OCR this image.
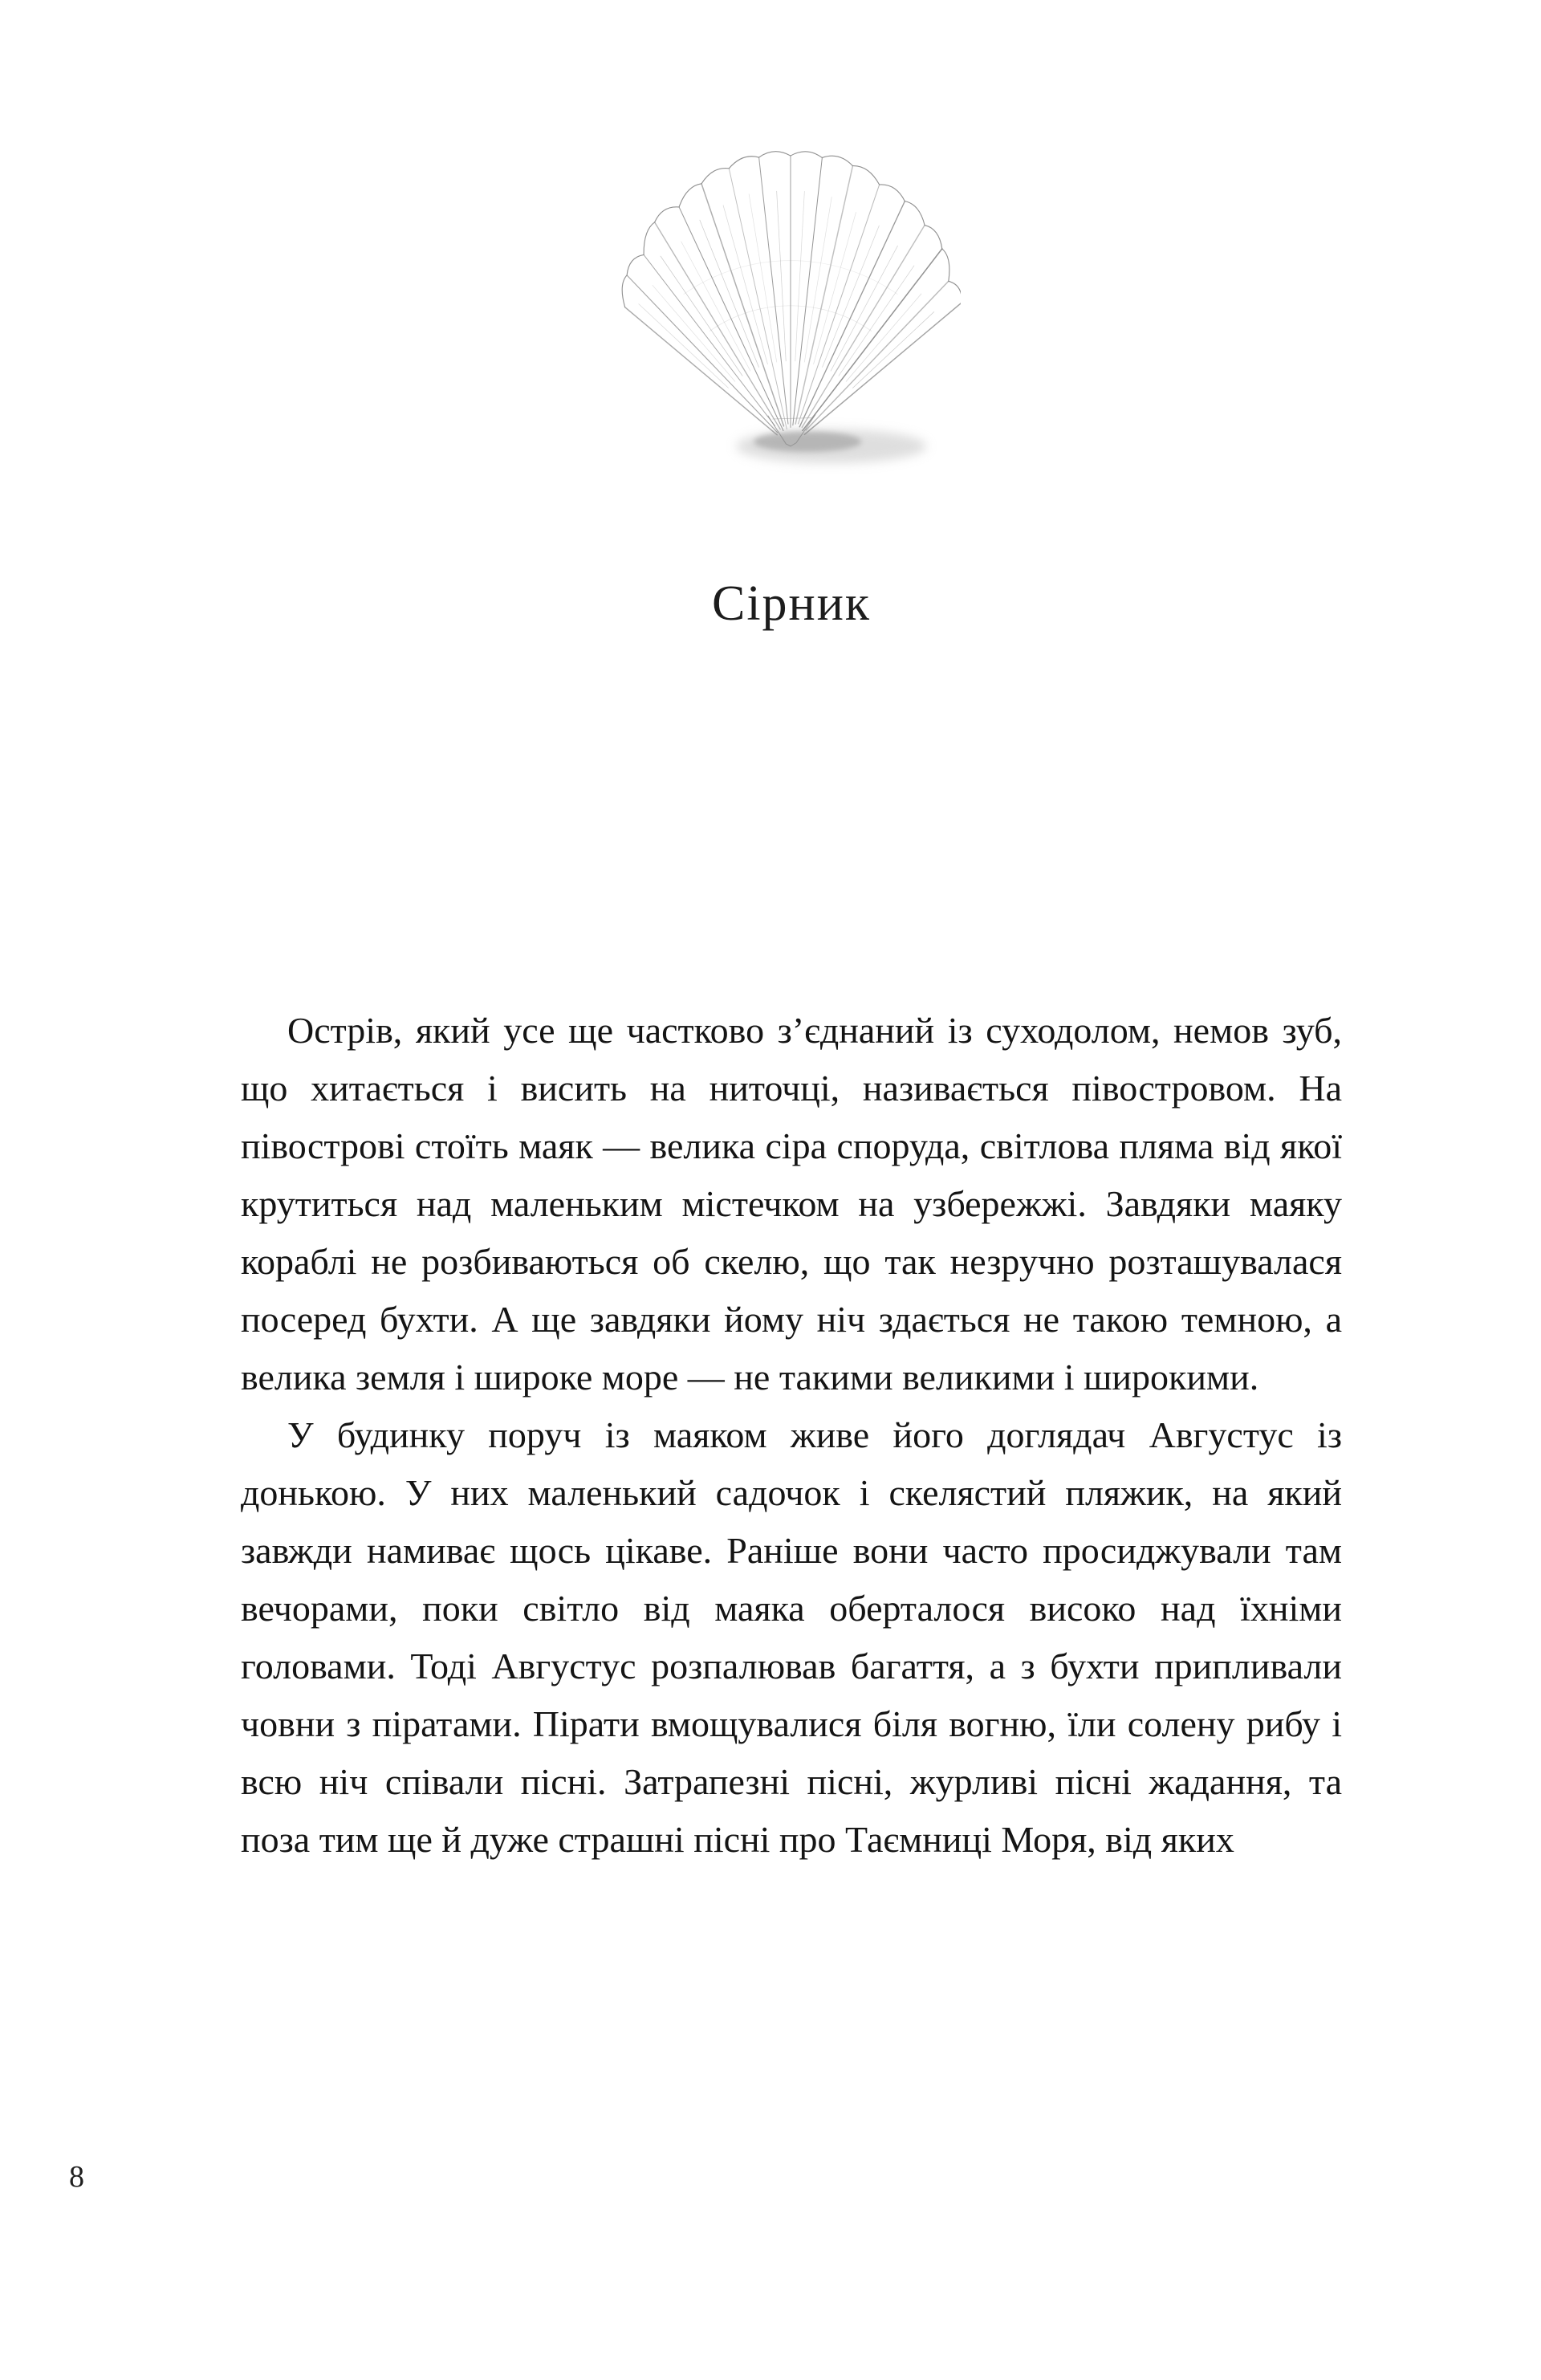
Сірник

Острів, який усе ще частково з’єднаний із суходолом, немов зуб, що хитається і висить на ниточці, називається півостровом. На півострові стоїть маяк — велика сіра споруда, світлова пляма від якої крутиться над маленьким містечком на узбережжі. Завдяки маяку кораблі не розбиваються об скелю, що так незручно розташувалася посеред бухти. А ще завдяки йому ніч здається не такою темною, а велика земля і широке море — не такими великими і широкими.

У будинку поруч із маяком живе його доглядач Августус із донькою. У них маленький садочок і скелястий пляжик, на який завжди намиває щось цікаве. Раніше вони часто просиджували там вечорами, поки світло від маяка оберталося високо над їхніми головами. Тоді Августус розпалював багаття, а з бухти припливали човни з піратами. Пірати вмощувалися біля вогню, їли солену рибу і всю ніч співали пісні. Затрапезні пісні, журливі пісні жадання, та поза тим ще й дуже страшні пісні про Таємниці Моря, від яких

8
